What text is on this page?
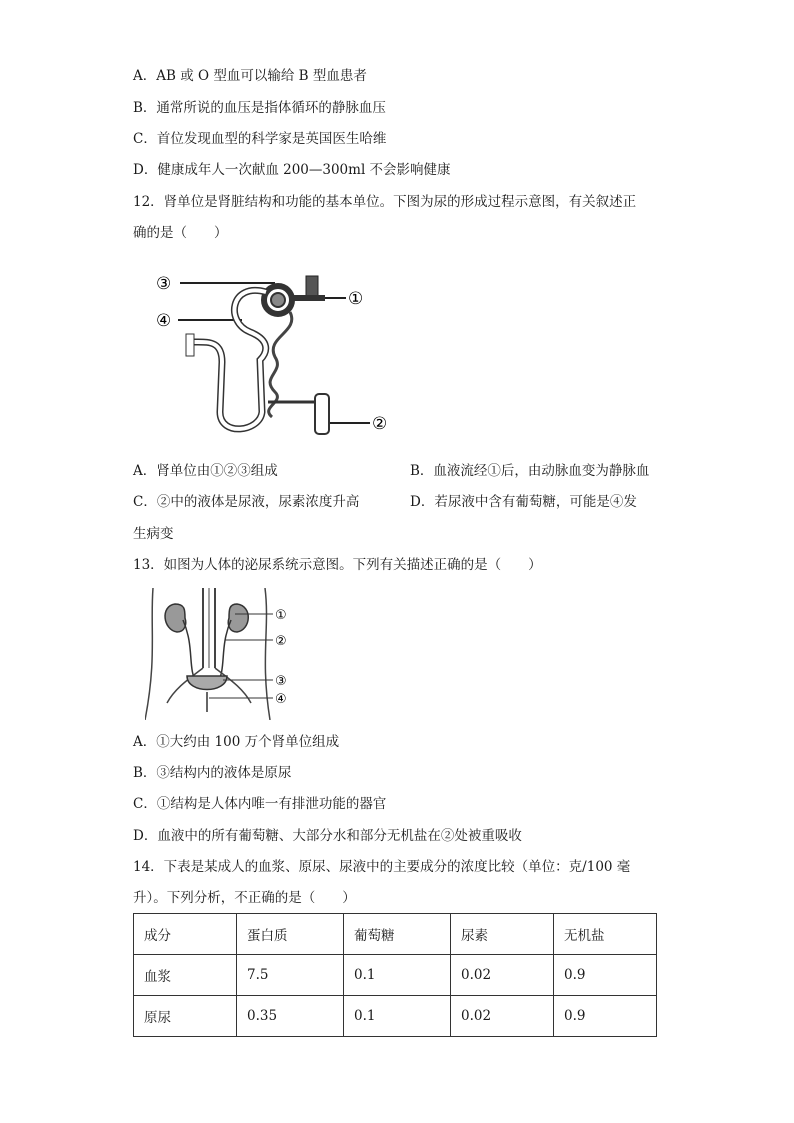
A．AB 或 O 型血可以输给 B 型血患者
B．通常所说的血压是指体循环的静脉血压
C．首位发现血型的科学家是英国医生哈维
D．健康成年人一次献血 200—300ml 不会影响健康
12．肾单位是肾脏结构和功能的基本单位。下图为尿的形成过程示意图，有关叙述正
确的是（　　）
③
①
④
②
A．肾单位由①②③组成	B．血液流经①后，由动脉血变为静脉血
C．②中的液体是尿液，尿素浓度升高	D．若尿液中含有葡萄糖，可能是④发
生病变
13．如图为人体的泌尿系统示意图。下列有关描述正确的是（　　）
①
②
③
④
A．①大约由 100 万个肾单位组成
B．③结构内的液体是原尿
C．①结构是人体内唯一有排泄功能的器官
D．血液中的所有葡萄糖、大部分水和部分无机盐在②处被重吸收
14．下表是某成人的血浆、原尿、尿液中的主要成分的浓度比较（单位：克/100 毫
升）。下列分析，不正确的是（　　）
成分	蛋白质	葡萄糖	尿素	无机盐
血浆	7.5	0.1	0.02	0.9
原尿	0.35	0.1	0.02	0.9
